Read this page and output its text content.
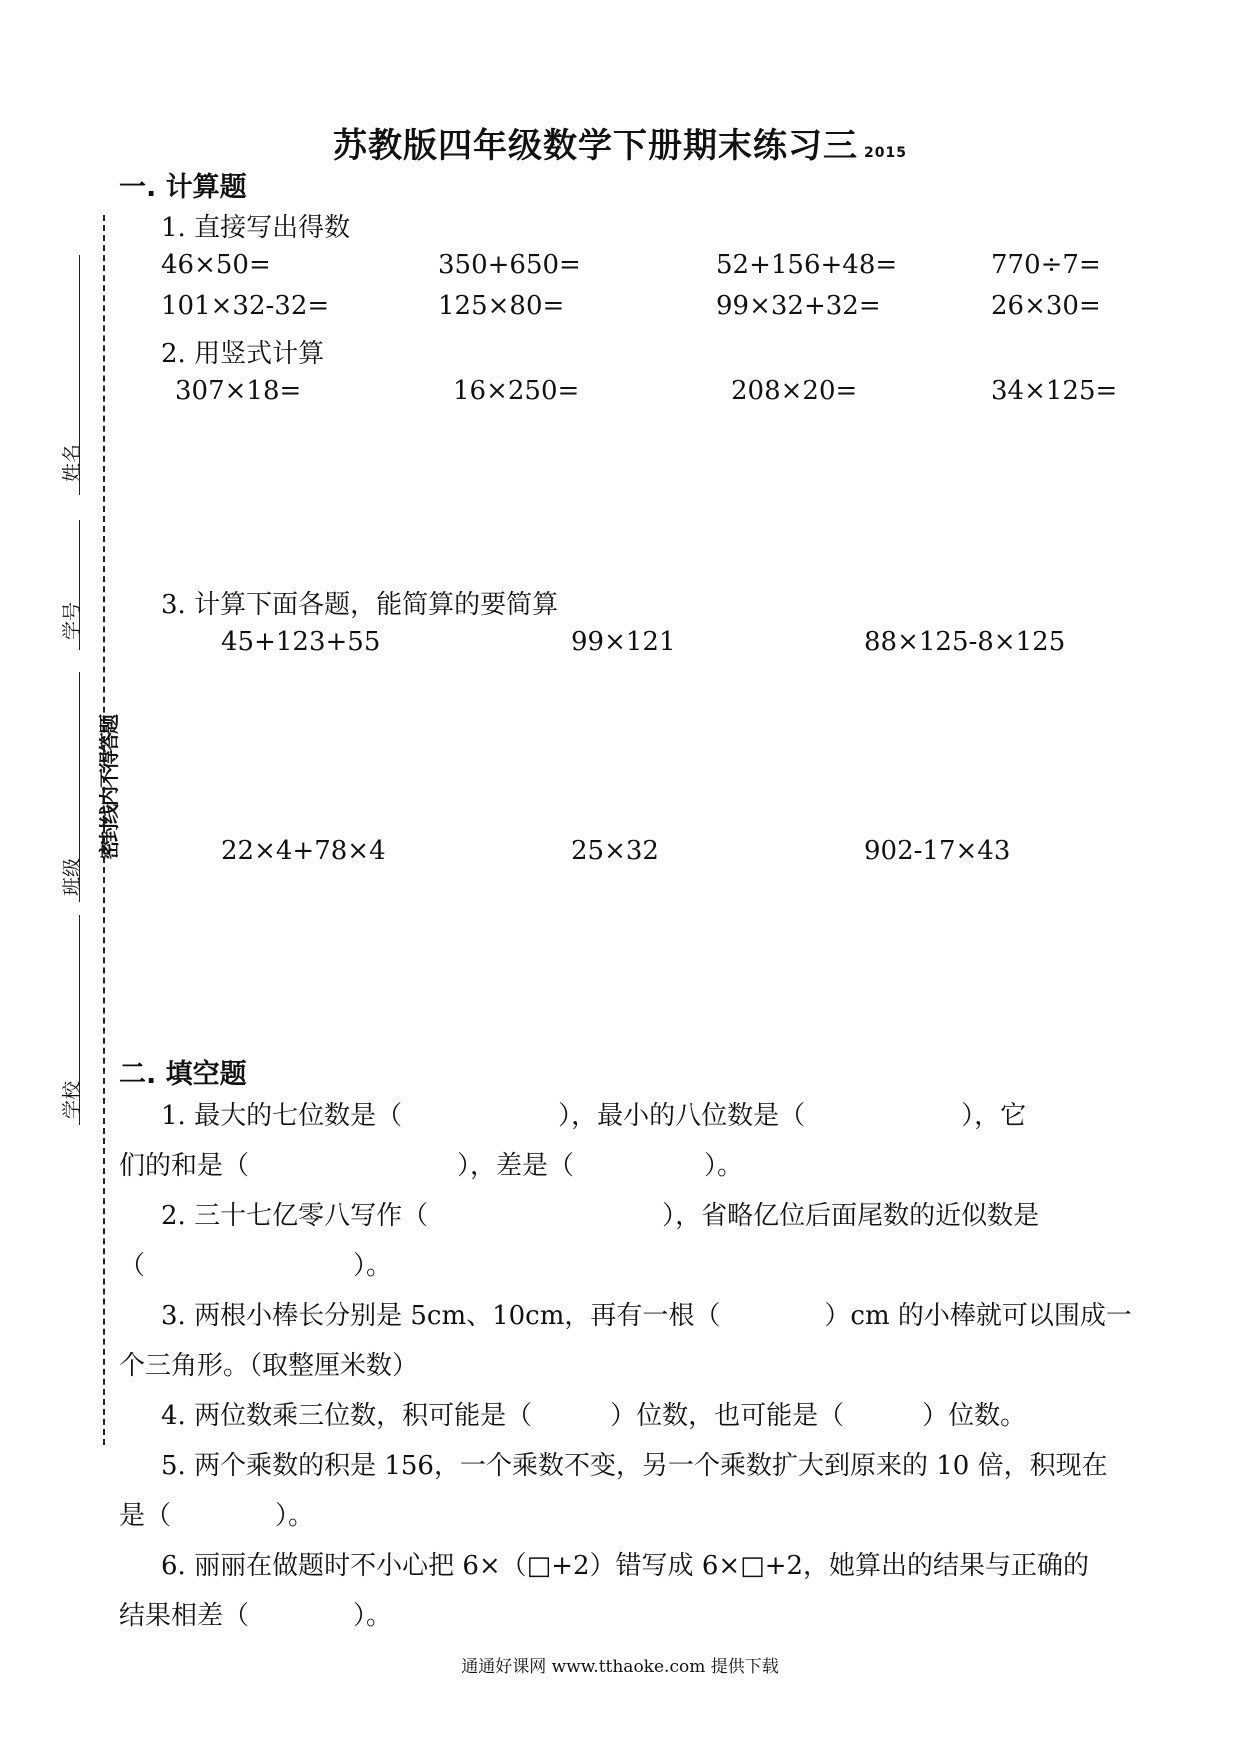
苏教版四年级数学下册期末练习三 2015
姓名
学号
班级
学校
密封线内不得答题
一. 计算题
1. 直接写出得数
46×50=	350+650=	52+156+48=	770÷7=
101×32-32=	125×80=	99×32+32=	26×30=
2. 用竖式计算
307×18=	16×250=	208×20=	34×125=
3. 计算下面各题，能简算的要简算
45+123+55	99×121	88×125-8×125
22×4+78×4	25×32	902-17×43
二. 填空题
1. 最大的七位数是（　　　　　　），最小的八位数是（　　　　　　），它
们的和是（　　　　　　　　），差是（　　　　　）。
2. 三十七亿零八写作（　　　　　　　　　），省略亿位后面尾数的近似数是
（　　　　　　　　）。
3. 两根小棒长分别是 5cm、10cm，再有一根（　　　　）cm 的小棒就可以围成一
个三角形。（取整厘米数）
4. 两位数乘三位数，积可能是（　　　）位数，也可能是（　　　）位数。
5. 两个乘数的积是 156，一个乘数不变，另一个乘数扩大到原来的 10 倍，积现在
是（　　　　）。
6. 丽丽在做题时不小心把 6×（□+2）错写成 6×□+2，她算出的结果与正确的
结果相差（　　　　）。
通通好课网 www.tthaoke.com 提供下载
